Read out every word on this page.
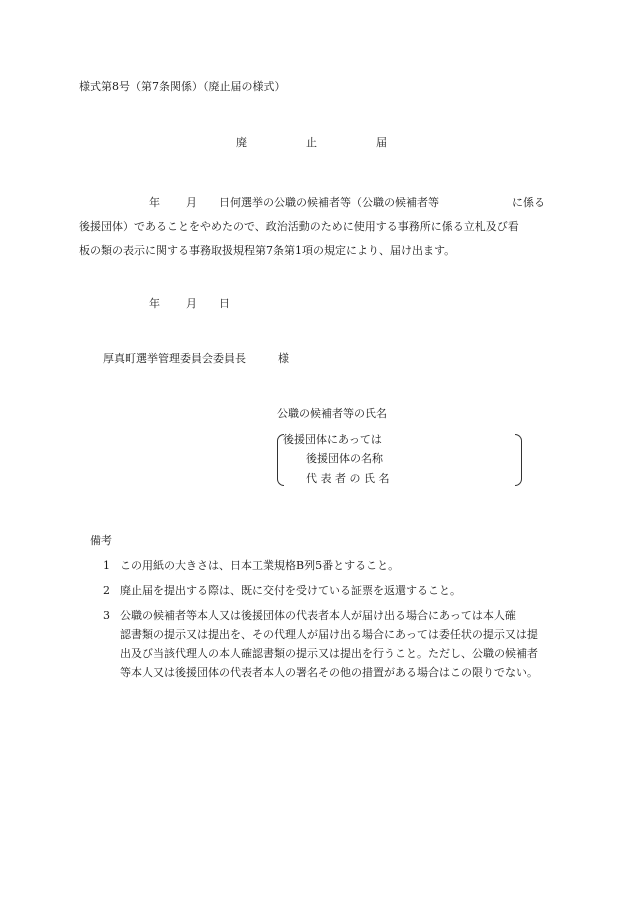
様式第8号（第7条関係）（廃止届の様式）
廃	止	届
年 月 日何選挙の公職の候補者等（公職の候補者等	に係る
後援団体）であることをやめたので、政治活動のために使用する事務所に係る立札及び看
板の類の表示に関する事務取扱規程第7条第1項の規定により、届け出ます。
年 月 日
厚真町選挙管理委員会委員長	様
公職の候補者等の氏名
後援団体にあっては
後援団体の名称
代 表 者 の 氏 名
備考
1 この用紙の大きさは、日本工業規格B列5番とすること。
2 廃止届を提出する際は、既に交付を受けている証票を返還すること。
3 公職の候補者等本人又は後援団体の代表者本人が届け出る場合にあっては本人確
認書類の提示又は提出を、その代理人が届け出る場合にあっては委任状の提示又は提
出及び当該代理人の本人確認書類の提示又は提出を行うこと。ただし、公職の候補者
等本人又は後援団体の代表者本人の署名その他の措置がある場合はこの限りでない。
